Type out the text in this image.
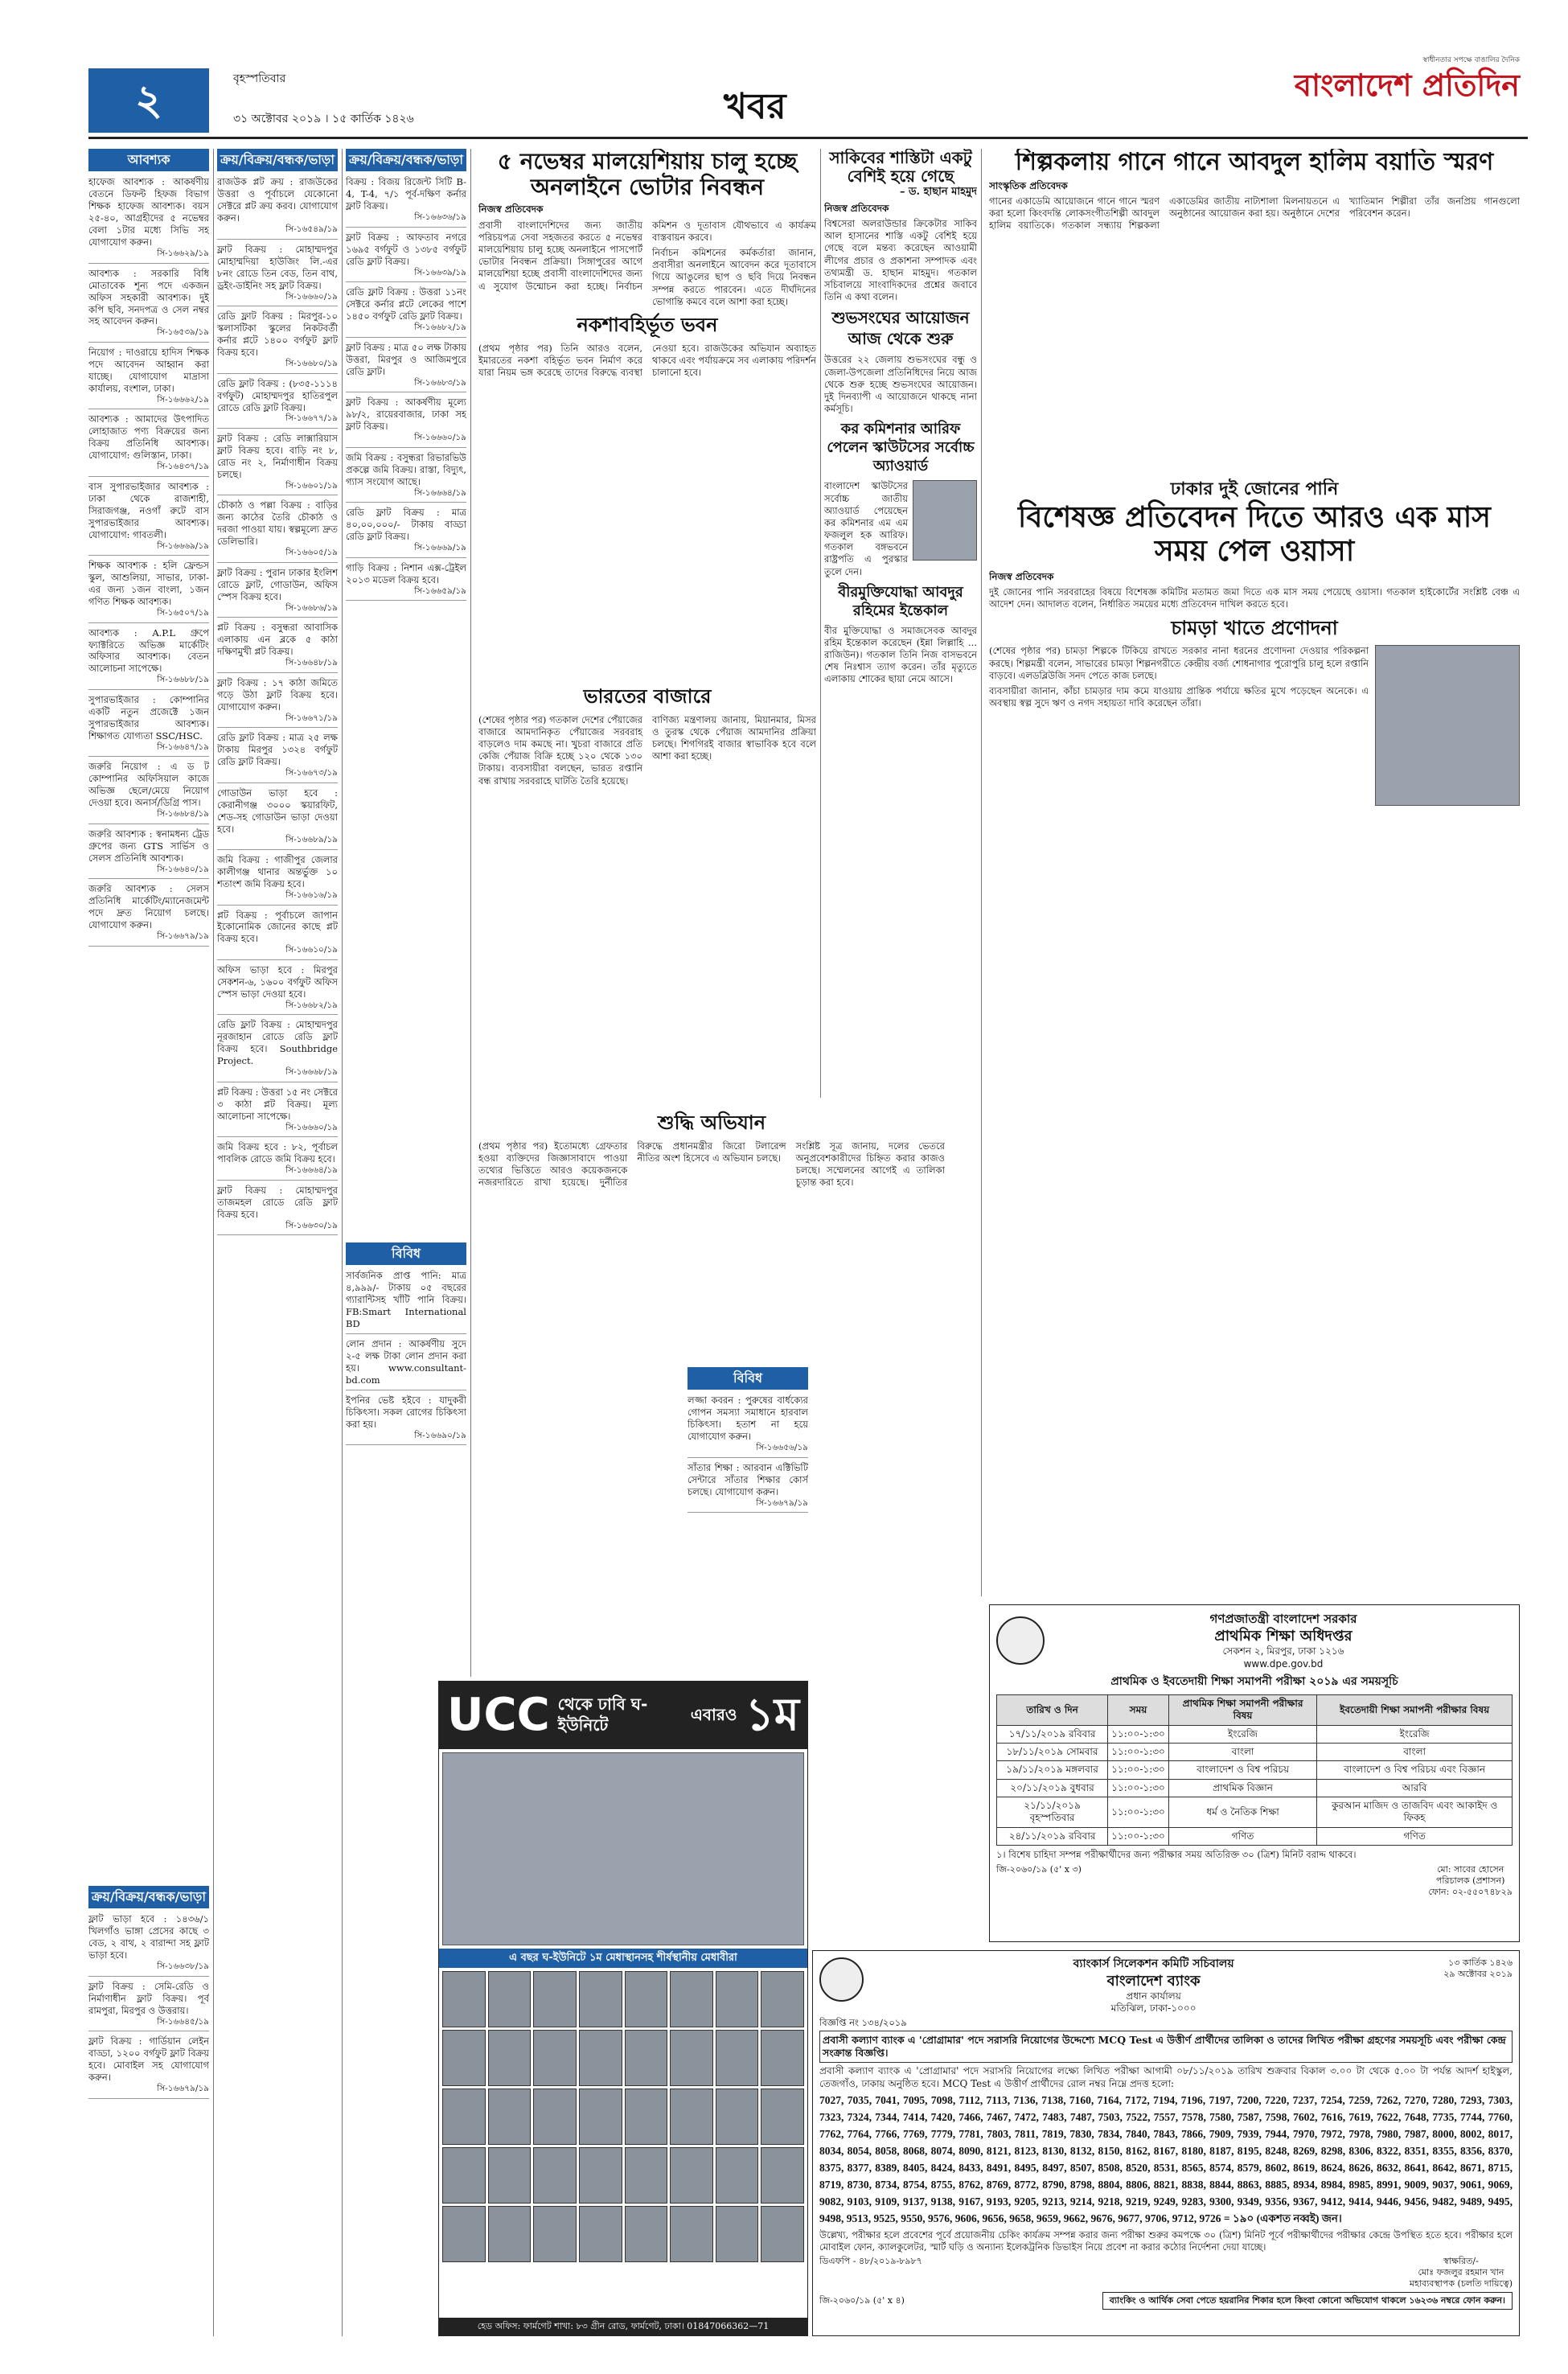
২	বৃহস্পতিবার
৩১ অক্টোবর ২০১৯ । ১৫ কার্তিক ১৪২৬	খবর
স্বাধীনতার সপক্ষে বাঙালির দৈনিক
বাংলাদেশ প্রতিদিন
আবশ্যক
হাফেজ আবশ্যক : আকর্ষণীয় বেতনে ডিফল্ট হিফজ বিভাগ শিক্ষক হাফেজ আবশ্যক। বয়স ২৫-৪০, আগ্রহীদের ৫ নভেম্বর বেলা ১টার মধ্যে সিভি সহ যোগাযোগ করুন।
সি-১৬৬২৯/১৯
আবশ্যক : সরকারি বিধি মোতাবেক শূন্য পদে একজন অফিস সহকারী আবশ্যক। দুই কপি ছবি, সনদপত্র ও সেল নম্বর সহ আবেদন করুন।
সি-১৬৫৩৯/১৯
নিয়োগ : দাওরায়ে হাদিস শিক্ষক পদে আবেদন আহ্বান করা যাচ্ছে। যোগাযোগ মাদ্রাসা কার্যালয়, বংশাল, ঢাকা।
সি-১৬৬৬২/১৯
আবশ্যক : আমাদের উৎপাদিত লোহাজাত পণ্য বিক্রয়ের জন্য বিক্রয় প্রতিনিধি আবশ্যক। যোগাযোগ: গুলিস্তান, ঢাকা।
সি-১৬৪৩৭/১৯
বাস সুপারভাইজার আবশ্যক : ঢাকা থেকে রাজশাহী, সিরাজগঞ্জ, নওগাঁ রুটে বাস সুপারভাইজার আবশ্যক। যোগাযোগ: গাবতলী।
সি-১৬৬৬৯/১৯
শিক্ষক আবশ্যক : হলি ফ্রেন্ডস স্কুল, আশুলিয়া, সাভার, ঢাকা-এর জন্য ১জন বাংলা, ১জন গণিত শিক্ষক আবশ্যক।
সি-১৬৫০৭/১৯
আবশ্যক : A.P.L গ্রুপে ফ্যাক্টরিতে অভিজ্ঞ মার্কেটিং অফিসার আবশ্যক। বেতন আলোচনা সাপেক্ষে।
সি-১৬৬৮৮/১৯
সুপারভাইজার : কোম্পানির একটি নতুন প্রজেক্টে ১জন সুপারভাইজার আবশ্যক। শিক্ষাগত যোগ্যতা SSC/HSC.
সি-১৬৬৪৭/১৯
জরুরি নিয়োগ : এ ড ট কোম্পানির অফিসিয়াল কাজে অভিজ্ঞ ছেলে/মেয়ে নিয়োগ দেওয়া হবে। অনার্স/ডিগ্রি পাস।
সি-১৬৬৮৪/১৯
জরুরি আবশ্যক : স্বনামধন্য ট্রেড গ্রুপের জন্য GTS সার্ভিস ও সেলস প্রতিনিধি আবশ্যক।
সি-১৬৬৪০/১৯
জরুরি আবশ্যক : সেলস প্রতিনিধি মার্কেটিং/ম্যানেজমেন্ট পদে দ্রুত নিয়োগ চলছে। যোগাযোগ করুন।
সি-১৬৬৭৯/১৯
ক্রয়/বিক্রয়/বন্ধক/ভাড়া
ফ্লাট ভাড়া হবে : ১৪৩৬/১ খিলগাঁও ভাঙ্গা প্রেসের কাছে ৩ বেড, ২ বাথ, ২ বারান্দা সহ ফ্লাট ভাড়া হবে।
সি-১৬৬৩৮/১৯
ফ্লাট বিক্রয় : সেমি-রেডি ও নির্মাণাধীন ফ্লাট বিক্রয়। পূর্ব রামপুরা, মিরপুর ও উত্তরায়।
সি-১৬৬৪৫/১৯
ফ্লাট বিক্রয় : গার্ডিয়ান লেইন বাড্ডা, ১২০০ বর্গফুট ফ্লাট বিক্রয় হবে। মোবাইল সহ যোগাযোগ করুন।
সি-১৬৬৭৯/১৯
ক্রয়/বিক্রয়/বন্ধক/ভাড়া
রাজউক প্লট ক্রয় : রাজউকের উত্তরা ও পূর্বাচলে যেকোনো সেক্টরে প্লট ক্রয় করব। যোগাযোগ করুন।
সি-১৬৫৪৯/১৯
ফ্লাট বিক্রয় : মোহাম্মদপুর মোহাম্মদিয়া হাউজিং লি.-এর ৮নং রোডে তিন বেড, তিন বাথ, ড্রইং-ডাইনিং সহ ফ্লাট বিক্রয়।
সি-১৬৬৬০/১৯
রেডি ফ্লাট বিক্রয় : মিরপুর-১০ স্কলাসটিকা স্কুলের নিকটবর্তী কর্নার প্লটে ১৪০০ বর্গফুট ফ্লাট বিক্রয় হবে।
সি-১৬৬৮০/১৯
রেডি ফ্লাট বিক্রয় : (৮৩৫-১১১৪ বর্গফুট) মোহাম্মদপুর হাতিরপুল রোডে রেডি ফ্লাট বিক্রয়।
সি-১৬৬৭৭/১৯
ফ্লাট বিক্রয় : রেডি লাক্সারিয়াস ফ্লাট বিক্রয় হবে। বাড়ি নং ৮, রোড নং ২, নির্মাণাধীন বিক্রয় চলছে।
সি-১৬৬০১/১৯
চৌকাঠ ও পল্লা বিক্রয় : বাড়ির জন্য কাঠের তৈরি চৌকাঠ ও দরজা পাওয়া যায়। স্বল্পমূল্যে দ্রুত ডেলিভারি।
সি-১৬৬০৫/১৯
ফ্লাট বিক্রয় : পুরান ঢাকার ইংলিশ রোডে ফ্লাট, গোডাউন, অফিস স্পেস বিক্রয় হবে।
সি-১৬৬৮৬/১৯
প্লট বিক্রয় : বসুন্ধরা আবাসিক এলাকায় এন ব্লকে ৫ কাঠা দক্ষিণমুখী প্লট বিক্রয়।
সি-১৬৬৪৮/১৯
ফ্লাট বিক্রয় : ১৭ কাঠা জমিতে গড়ে উঠা ফ্লাট বিক্রয় হবে। যোগাযোগ করুন।
সি-১৬৬৭১/১৯
রেডি ফ্লাট বিক্রয় : মাত্র ২৫ লক্ষ টাকায় মিরপুর ১৩২৪ বর্গফুট রেডি ফ্লাট বিক্রয়।
সি-১৬৬৭৩/১৯
গোডাউন ভাড়া হবে : কেরানীগঞ্জ ৩০০০ স্কয়ারফিট, শেড-সহ গোডাউন ভাড়া দেওয়া হবে।
সি-১৬৬৮৯/১৯
জমি বিক্রয় : গাজীপুর জেলার কালীগঞ্জ থানার অন্তর্ভুক্ত ১০ শতাংশ জমি বিক্রয় হবে।
সি-১৬৬১৬/১৯
প্লট বিক্রয় : পূর্বাচলে জাপান ইকোনোমিক জোনের কাছে প্লট বিক্রয় হবে।
সি-১৬৬১০/১৯
অফিস ভাড়া হবে : মিরপুর সেকশন-৬, ১৬০০ বর্গফুট অফিস স্পেস ভাড়া দেওয়া হবে।
সি-১৬৬৮২/১৯
রেডি ফ্লাট বিক্রয় : মোহাম্মদপুর নূরজাহান রোডে রেডি ফ্লাট বিক্রয় হবে। Southbridge Project.
সি-১৬৬৬৮/১৯
প্লট বিক্রয় : উত্তরা ১৫ নং সেক্টরে ৩ কাঠা প্লট বিক্রয়। মূল্য আলোচনা সাপেক্ষে।
সি-১৬৬৬০/১৯
জমি বিক্রয় হবে : ৮২, পূর্বাচল পাবলিক রোডে জমি বিক্রয় হবে।
সি-১৬৬৬৪/১৯
ফ্লাট বিক্রয় : মোহাম্মদপুর তাজমহল রোডে রেডি ফ্লাট বিক্রয় হবে।
সি-১৬৬৩০/১৯
ক্রয়/বিক্রয়/বন্ধক/ভাড়া
বিক্রয় : বিজয় রিজেন্ট সিটি B-4, T-4, ৭/১ পূর্ব-দক্ষিণ কর্নার ফ্লাট বিক্রয়।
সি-১৬৬৩৬/১৯
ফ্লাট বিক্রয় : আফতাব নগরে ১৬৯৫ বর্গফুট ও ১৩৮৫ বর্গফুট রেডি ফ্লাট বিক্রয়।
সি-১৬৬৩৯/১৯
রেডি ফ্লাট বিক্রয় : উত্তরা ১১নং সেক্টরে কর্নার প্লটে লেকের পাশে ১৪৫০ বর্গফুট রেডি ফ্লাট বিক্রয়।
সি-১৬৬৮২/১৯
ফ্লাট বিক্রয় : মাত্র ৫০ লক্ষ টাকায় উত্তরা, মিরপুর ও আজিমপুরে রেডি ফ্লাট।
সি-১৬৬৮৩/১৯
ফ্লাট বিক্রয় : আকর্ষণীয় মূল্যে ৯৮/২, রায়েরবাজার, ঢাকা সহ ফ্লাট বিক্রয়।
সি-১৬৬৬০/১৯
জমি বিক্রয় : বসুন্ধরা রিভারভিউ প্রকল্পে জমি বিক্রয়। রাস্তা, বিদ্যুৎ, গ্যাস সংযোগ আছে।
সি-১৬৬৬৪/১৯
রেডি ফ্লাট বিক্রয় : মাত্র ৪০,০০,০০০/- টাকায় বাড্ডা রেডি ফ্লাট বিক্রয়।
সি-১৬৬৬৯/১৯
গাড়ি বিক্রয় : নিশান এক্স-ট্রেইল ২০১৩ মডেল বিক্রয় হবে।
সি-১৬৬৫৯/১৯
বিবিধ
সার্বজনিক প্রাপ্ত পানি: মাত্র ৪,৯৯৯/- টাকায় ০৫ বছরের গ্যারান্টিসহ খাঁটি পানি বিক্রয়। FB:Smart International BD
লোন প্রদান : আকর্ষণীয় সুদে ২-৫ লক্ষ টাকা লোন প্রদান করা হয়। www.consultant-bd.com
ইপনির ভেষ্ট হইবে : যাদুকরী চিকিৎসা। সকল রোগের চিকিৎসা করা হয়।
সি-১৬৬৯০/১৯
৫ নভেম্বর মালয়েশিয়ায় চালু হচ্ছে অনলাইনে ভোটার নিবন্ধন
নিজস্ব প্রতিবেদক

প্রবাসী বাংলাদেশিদের জন্য জাতীয় পরিচয়পত্র সেবা সহজতর করতে ৫ নভেম্বর মালয়েশিয়ায় চালু হচ্ছে অনলাইনে পাসপোর্ট ভোটার নিবন্ধন প্রক্রিয়া। সিঙ্গাপুরের আগে মালয়েশিয়া হচ্ছে প্রবাসী বাংলাদেশিদের জন্য এ সুযোগ উন্মোচন করা হচ্ছে। নির্বাচন কমিশন ও দূতাবাস যৌথভাবে এ কার্যক্রম বাস্তবায়ন করবে।

নির্বাচন কমিশনের কর্মকর্তারা জানান, প্রবাসীরা অনলাইনে আবেদন করে দূতাবাসে গিয়ে আঙুলের ছাপ ও ছবি দিয়ে নিবন্ধন সম্পন্ন করতে পারবেন। এতে দীর্ঘদিনের ভোগান্তি কমবে বলে আশা করা হচ্ছে।

নকশাবহির্ভূত ভবন

(প্রথম পৃষ্ঠার পর) তিনি আরও বলেন, ইমারতের নকশা বহির্ভূত ভবন নির্মাণ করে যারা নিয়ম ভঙ্গ করেছে তাদের বিরুদ্ধে ব্যবস্থা নেওয়া হবে। রাজউকের অভিযান অব্যাহত থাকবে এবং পর্যায়ক্রমে সব এলাকায় পরিদর্শন চালানো হবে।

ভারতের বাজারে

(শেষের পৃষ্ঠার পর) গতকাল দেশের পেঁয়াজের বাজারে আমদানিকৃত পেঁয়াজের সরবরাহ বাড়লেও দাম কমছে না। খুচরা বাজারে প্রতি কেজি পেঁয়াজ বিক্রি হচ্ছে ১২০ থেকে ১৩০ টাকায়। ব্যবসায়ীরা বলছেন, ভারত রপ্তানি বন্ধ রাখায় সরবরাহে ঘাটতি তৈরি হয়েছে।

বাণিজ্য মন্ত্রণালয় জানায়, মিয়ানমার, মিসর ও তুরস্ক থেকে পেঁয়াজ আমদানির প্রক্রিয়া চলছে। শিগগিরই বাজার স্বাভাবিক হবে বলে আশা করা হচ্ছে।

শুদ্ধি অভিযান

(প্রথম পৃষ্ঠার পর) ইতোমধ্যে গ্রেফতার হওয়া ব্যক্তিদের জিজ্ঞাসাবাদে পাওয়া তথ্যের ভিত্তিতে আরও কয়েকজনকে নজরদারিতে রাখা হয়েছে। দুর্নীতির বিরুদ্ধে প্রধানমন্ত্রীর জিরো টলারেন্স নীতির অংশ হিসেবে এ অভিযান চলছে।

সংশ্লিষ্ট সূত্র জানায়, দলের ভেতরে অনুপ্রবেশকারীদের চিহ্নিত করার কাজও চলছে। সম্মেলনের আগেই এ তালিকা চূড়ান্ত করা হবে।

বিবিধ
লজ্জা কবরন : পুরুষের বার্ধক্যের গোপন সমস্যা সমাধানে হারবাল চিকিৎসা। হতাশ না হয়ে যোগাযোগ করুন।
সি-১৬৬৫৬/১৯
সাঁতার শিক্ষা : আরবান এক্টিভিটি সেন্টারে সাঁতার শিক্ষার কোর্স চলছে। যোগাযোগ করুন।
সি-১৬৬৭৯/১৯
সাকিবের শাস্তিটা একটু বেশিই হয়ে গেছে
– ড. হাছান মাহমুদ
নিজস্ব প্রতিবেদক

বিশ্বসেরা অলরাউন্ডার ক্রিকেটার সাকিব আল হাসানের শাস্তি একটু বেশিই হয়ে গেছে বলে মন্তব্য করেছেন আওয়ামী লীগের প্রচার ও প্রকাশনা সম্পাদক এবং তথ্যমন্ত্রী ড. হাছান মাহমুদ। গতকাল সচিবালয়ে সাংবাদিকদের প্রশ্নের জবাবে তিনি এ কথা বলেন।

শুভসংঘের আয়োজন আজ থেকে শুরু

উত্তরের ২২ জেলায় শুভসংঘের বন্ধু ও জেলা-উপজেলা প্রতিনিধিদের নিয়ে আজ থেকে শুরু হচ্ছে শুভসংঘের আয়োজন। দুই দিনব্যাপী এ আয়োজনে থাকছে নানা কর্মসূচি।

কর কমিশনার আরিফ পেলেন স্কাউটসের সর্বোচ্চ অ্যাওয়ার্ড

বাংলাদেশ স্কাউটসের সর্বোচ্চ জাতীয় অ্যাওয়ার্ড পেয়েছেন কর কমিশনার এম এম ফজলুল হক আরিফ। গতকাল বঙ্গভবনে রাষ্ট্রপতি এ পুরস্কার তুলে দেন।

বীরমুক্তিযোদ্ধা আবদুর রহিমের ইন্তেকাল

বীর মুক্তিযোদ্ধা ও সমাজসেবক আবদুর রহিম ইন্তেকাল করেছেন (ইন্না লিল্লাহি ... রাজিউন)। গতকাল তিনি নিজ বাসভবনে শেষ নিঃশ্বাস ত্যাগ করেন। তাঁর মৃত্যুতে এলাকায় শোকের ছায়া নেমে আসে।

শিল্পকলায় গানে গানে আবদুল হালিম বয়াতি স্মরণ
সাংস্কৃতিক প্রতিবেদক

গানের একাডেমি আয়োজনে গানে গানে স্মরণ করা হলো কিংবদন্তি লোকসংগীতশিল্পী আবদুল হালিম বয়াতিকে। গতকাল সন্ধ্যায় শিল্পকলা একাডেমির জাতীয় নাট্যশালা মিলনায়তনে এ অনুষ্ঠানের আয়োজন করা হয়। অনুষ্ঠানে দেশের খ্যাতিমান শিল্পীরা তাঁর জনপ্রিয় গানগুলো পরিবেশন করেন।

ঢাকার দুই জোনের পানি
বিশেষজ্ঞ প্রতিবেদন দিতে আরও এক মাস সময় পেল ওয়াসা
নিজস্ব প্রতিবেদক

দুই জোনের পানি সরবরাহের বিষয়ে বিশেষজ্ঞ কমিটির মতামত জমা দিতে এক মাস সময় পেয়েছে ওয়াসা। গতকাল হাইকোর্টের সংশ্লিষ্ট বেঞ্চ এ আদেশ দেন। আদালত বলেন, নির্ধারিত সময়ের মধ্যে প্রতিবেদন দাখিল করতে হবে।

চামড়া খাতে প্রণোদনা

(শেষের পৃষ্ঠার পর) চামড়া শিল্পকে টিকিয়ে রাখতে সরকার নানা ধরনের প্রণোদনা দেওয়ার পরিকল্পনা করছে। শিল্পমন্ত্রী বলেন, সাভারের চামড়া শিল্পনগরীতে কেন্দ্রীয় বর্জ্য শোধনাগার পুরোপুরি চালু হলে রপ্তানি বাড়বে। এলডব্লিউজি সনদ পেতে কাজ চলছে।

ব্যবসায়ীরা জানান, কাঁচা চামড়ার দাম কমে যাওয়ায় প্রান্তিক পর্যায়ে ক্ষতির মুখে পড়েছেন অনেকে। এ অবস্থায় স্বল্প সুদে ঋণ ও নগদ সহায়তা দাবি করেছেন তাঁরা।

UCC থেকে ঢাবি ঘ-ইউনিটে
এবারও ১ম
এ বছর ঘ-ইউনিটে ১ম মেধাস্থানসহ শীর্ষস্থানীয় মেধাবীরা
হেড অফিস: ফার্মগেট শাখা: ৮৩ গ্রীন রোড, ফার্মগেট, ঢাকা। 01847066362—71
গণপ্রজাতন্ত্রী বাংলাদেশ সরকার
প্রাথমিক শিক্ষা অধিদপ্তর
সেকশন ২, মিরপুর, ঢাকা ১২১৬
www.dpe.gov.bd
প্রাথমিক ও ইবতেদায়ী শিক্ষা সমাপনী পরীক্ষা ২০১৯ এর সময়সূচি
তারিখ ও দিন	সময়	প্রাথমিক শিক্ষা সমাপনী পরীক্ষার বিষয়	ইবতেদায়ী শিক্ষা সমাপনী পরীক্ষার বিষয়
১৭/১১/২০১৯ রবিবার	১১:০০-১:৩০	ইংরেজি	ইংরেজি
১৮/১১/২০১৯ সোমবার	১১:০০-১:৩০	বাংলা	বাংলা
১৯/১১/২০১৯ মঙ্গলবার	১১:০০-১:৩০	বাংলাদেশ ও বিশ্ব পরিচয়	বাংলাদেশ ও বিশ্ব পরিচয় এবং বিজ্ঞান
২০/১১/২০১৯ বুধবার	১১:০০-১:৩০	প্রাথমিক বিজ্ঞান	আরবি
২১/১১/২০১৯ বৃহস্পতিবার	১১:০০-১:৩০	ধর্ম ও নৈতিক শিক্ষা	কুরআন মাজিদ ও তাজবিদ এবং আকাইদ ও ফিকহ
২৪/১১/২০১৯ রবিবার	১১:০০-১:৩০	গণিত	গণিত
১। বিশেষ চাহিদা সম্পন্ন পরীক্ষার্থীদের জন্য পরীক্ষার সময় অতিরিক্ত ৩০ (ত্রিশ) মিনিট বরাদ্দ থাকবে।
জি-২০৬০/১৯ (৫' x ৩)	মো: সাবের হোসেন
পরিচালক (প্রশাসন)
ফোন: ০২-৫৫০৭৪৮২৯
ব্যাংকার্স সিলেকশন কমিটি সচিবালয়
বাংলাদেশ ব্যাংক
প্রধান কার্যালয়
মতিঝিল, ঢাকা-১০০০
১৩ কার্তিক ১৪২৬
২৯ অক্টোবর ২০১৯
বিজ্ঞপ্তি নং ১৩৪/২০১৯
প্রবাসী কল্যাণ ব্যাংক এ 'প্রোগ্রামার' পদে সরাসরি নিয়োগের উদ্দেশ্যে MCQ Test এ উত্তীর্ণ প্রার্থীদের তালিকা ও তাদের লিখিত পরীক্ষা গ্রহণের সময়সূচি এবং পরীক্ষা কেন্দ্র সংক্রান্ত বিজ্ঞপ্তি।

প্রবাসী কল্যাণ ব্যাংক এ 'প্রোগ্রামার' পদে সরাসরি নিয়োগের লক্ষ্যে লিখিত পরীক্ষা আগামী ০৮/১১/২০১৯ তারিখ শুক্রবার বিকাল ৩.০০ টা থেকে ৫.০০ টা পর্যন্ত আদর্শ হাইস্কুল, তেজগাঁও, ঢাকায় অনুষ্ঠিত হবে। MCQ Test এ উত্তীর্ণ প্রার্থীদের রোল নম্বর নিম্নে প্রদত্ত হলো:

7027, 7035, 7041, 7095, 7098, 7112, 7113, 7136, 7138, 7160, 7164, 7172, 7194, 7196, 7197, 7200, 7220, 7237, 7254, 7259, 7262, 7270, 7280, 7293, 7303, 7323, 7324, 7344, 7414, 7420, 7466, 7467, 7472, 7483, 7487, 7503, 7522, 7557, 7578, 7580, 7587, 7598, 7602, 7616, 7619, 7622, 7648, 7735, 7744, 7760, 7762, 7764, 7766, 7769, 7779, 7781, 7803, 7811, 7819, 7830, 7834, 7840, 7843, 7866, 7909, 7939, 7944, 7970, 7972, 7978, 7980, 7987, 8000, 8002, 8017, 8034, 8054, 8058, 8068, 8074, 8090, 8121, 8123, 8130, 8132, 8150, 8162, 8167, 8180, 8187, 8195, 8248, 8269, 8298, 8306, 8322, 8351, 8355, 8356, 8370, 8375, 8377, 8389, 8405, 8424, 8433, 8491, 8495, 8497, 8507, 8508, 8520, 8531, 8565, 8574, 8579, 8602, 8619, 8624, 8626, 8632, 8641, 8642, 8671, 8715, 8719, 8730, 8734, 8754, 8755, 8762, 8769, 8772, 8790, 8798, 8804, 8806, 8821, 8838, 8844, 8863, 8885, 8934, 8984, 8985, 8991, 9009, 9037, 9061, 9069, 9082, 9103, 9109, 9137, 9138, 9167, 9193, 9205, 9213, 9214, 9218, 9219, 9249, 9283, 9300, 9349, 9356, 9367, 9412, 9414, 9446, 9456, 9482, 9489, 9495, 9498, 9513, 9525, 9550, 9576, 9606, 9656, 9658, 9659, 9662, 9676, 9677, 9706, 9712, 9726 = ১৯০ (একশত নব্বই) জন।

উল্লেখ্য, পরীক্ষার হলে প্রবেশের পূর্বে প্রয়োজনীয় চেকিং কার্যক্রম সম্পন্ন করার জন্য পরীক্ষা শুরুর কমপক্ষে ৩০ (ত্রিশ) মিনিট পূর্বে পরীক্ষার্থীদের পরীক্ষার কেন্দ্রে উপস্থিত হতে হবে। পরীক্ষার হলে মোবাইল ফোন, ক্যালকুলেটর, স্মার্ট ঘড়ি ও অন্যান্য ইলেকট্রনিক ডিভাইস নিয়ে প্রবেশ না করার কঠোর নির্দেশনা দেয়া যাচ্ছে।

ডিএফপি - ৪৮/২০১৯-৮৯৮৭	স্বাক্ষরিত/-
মোঃ ফজলুর রহমান খান
মহাব্যবস্থাপক (চলতি দায়িত্বে)
জি-২০৬০/১৯ (৫' x ৪)	ব্যাংকিং ও আর্থিক সেবা পেতে হয়রানির শিকার হলে কিংবা কোনো অভিযোগ থাকলে ১৬২৩৬ নম্বরে ফোন করুন।
